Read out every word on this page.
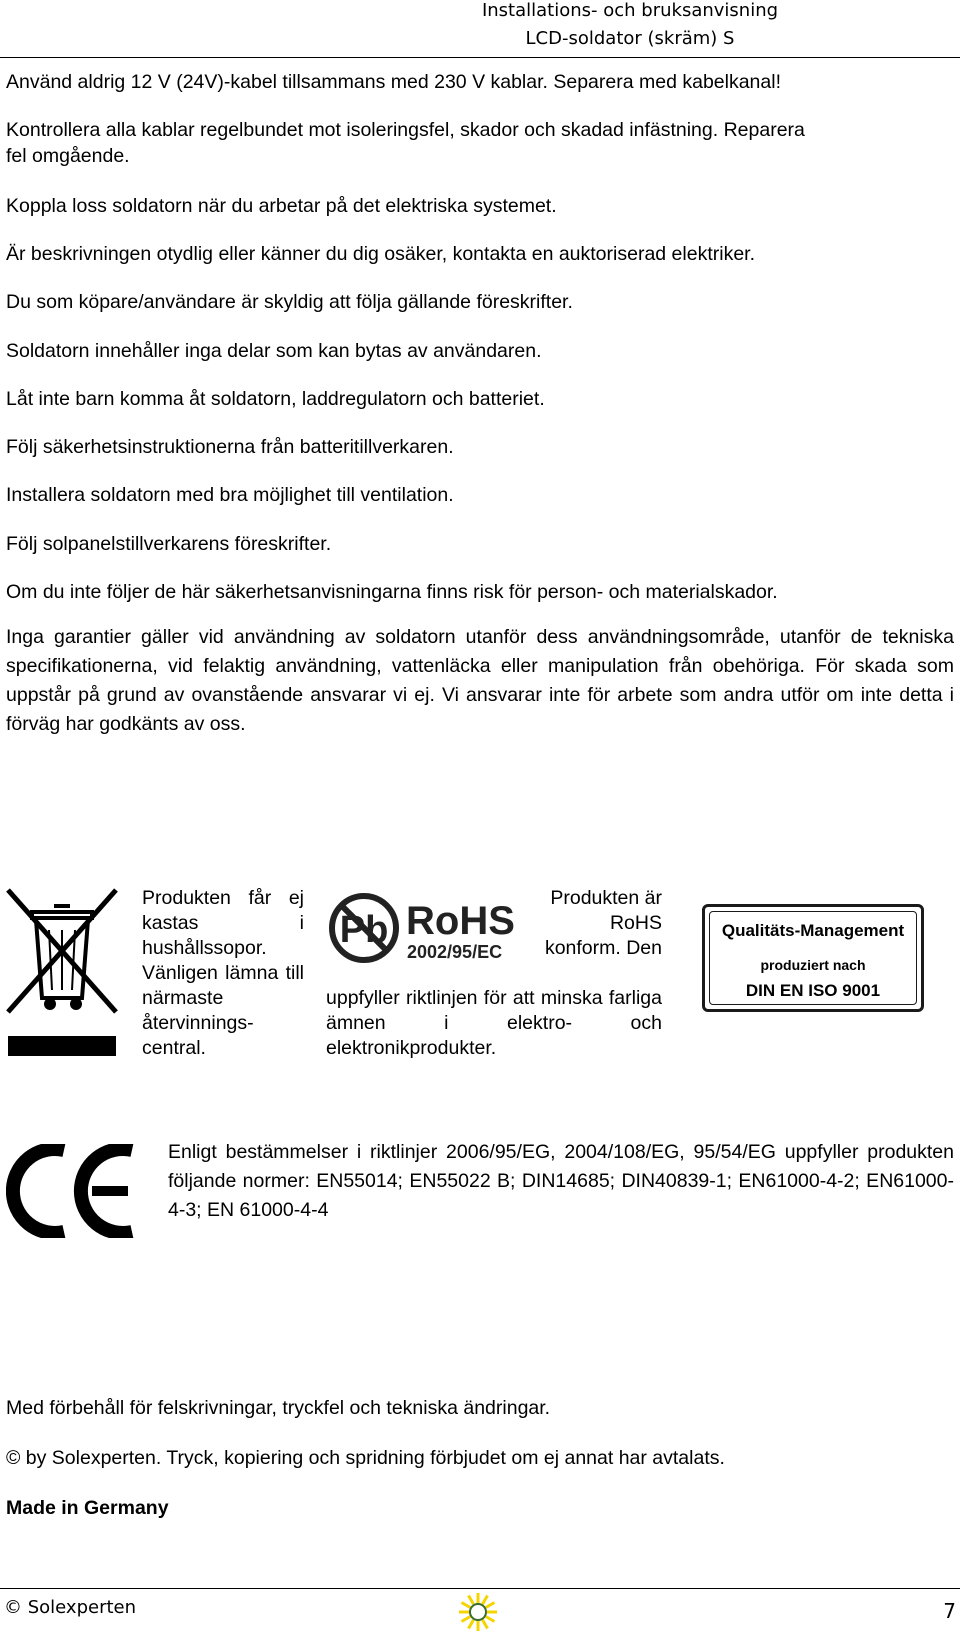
Installations- och bruksanvisning
LCD-soldator (skräm) S
Använd aldrig 12 V (24V)-kabel tillsammans med 230 V kablar. Separera med kabelkanal!
Kontrollera alla kablar regelbundet mot isoleringsfel, skador och skadad infästning. Reparera
fel omgående.
Koppla loss soldatorn när du arbetar på det elektriska systemet.
Är beskrivningen otydlig eller känner du dig osäker, kontakta en auktoriserad elektriker.
Du som köpare/användare är skyldig att följa gällande föreskrifter.
Soldatorn innehåller inga delar som kan bytas av användaren.
Låt inte barn komma åt soldatorn, laddregulatorn och batteriet.
Följ säkerhetsinstruktionerna från batteritillverkaren.
Installera soldatorn med bra möjlighet till ventilation.
Följ solpanelstillverkarens föreskrifter.
Om du inte följer de här säkerhetsanvisningarna finns risk för person- och materialskador.
Inga garantier gäller vid användning av soldatorn utanför dess användningsområde, utanför de tekniska specifikationerna, vid felaktig användning, vattenläcka eller manipulation från obehöriga. För skada som uppstår på grund av ovanstående ansvarar vi ej. Vi ansvarar inte för arbete som andra utför om inte detta i förväg har godkänts av oss.
Produkten får ej kastas i hushållssopor. Vänligen lämna till närmaste återvinnings-central.
Pb RoHS
2002/95/EC
Produkten är RoHS konform. Den
uppfyller riktlinjen för att minska farliga ämnen i elektro- och elektronikprodukter.
Qualitäts-Management
produziert nach
DIN EN ISO 9001
Enligt bestämmelser i riktlinjer 2006/95/EG, 2004/108/EG, 95/54/EG uppfyller produkten följande normer: EN55014; EN55022 B; DIN14685; DIN40839-1; EN61000-4-2; EN61000-4-3; EN 61000-4-4
Med förbehåll för felskrivningar, tryckfel och tekniska ändringar.
© by Solexperten. Tryck, kopiering och spridning förbjudet om ej annat har avtalats.
Made in Germany
© Solexperten	7
